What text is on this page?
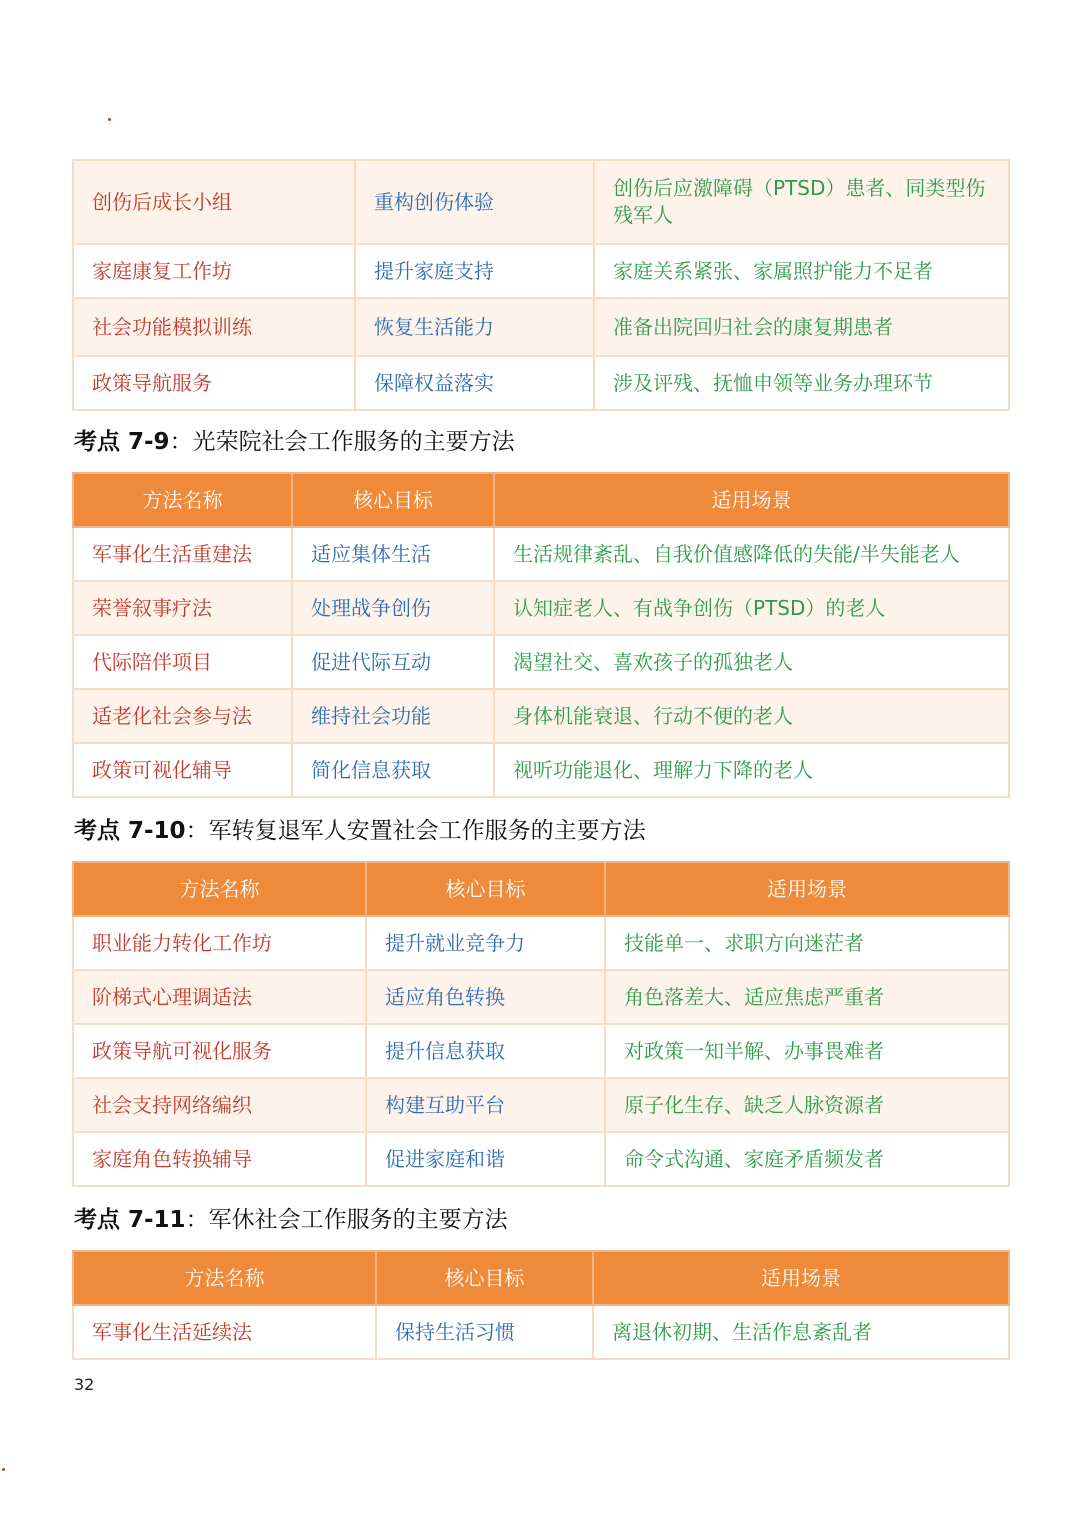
创伤后成长小组	重构创伤体验	创伤后应激障碍（PTSD）患者、同类型伤残军人
家庭康复工作坊	提升家庭支持	家庭关系紧张、家属照护能力不足者
社会功能模拟训练	恢复生活能力	准备出院回归社会的康复期患者
政策导航服务	保障权益落实	涉及评残、抚恤申领等业务办理环节
考点 7-9：光荣院社会工作服务的主要方法
方法名称	核心目标	适用场景
军事化生活重建法	适应集体生活	生活规律紊乱、自我价值感降低的失能/半失能老人
荣誉叙事疗法	处理战争创伤	认知症老人、有战争创伤（PTSD）的老人
代际陪伴项目	促进代际互动	渴望社交、喜欢孩子的孤独老人
适老化社会参与法	维持社会功能	身体机能衰退、行动不便的老人
政策可视化辅导	简化信息获取	视听功能退化、理解力下降的老人
考点 7-10：军转复退军人安置社会工作服务的主要方法
方法名称	核心目标	适用场景
职业能力转化工作坊	提升就业竞争力	技能单一、求职方向迷茫者
阶梯式心理调适法	适应角色转换	角色落差大、适应焦虑严重者
政策导航可视化服务	提升信息获取	对政策一知半解、办事畏难者
社会支持网络编织	构建互助平台	原子化生存、缺乏人脉资源者
家庭角色转换辅导	促进家庭和谐	命令式沟通、家庭矛盾频发者
考点 7-11：军休社会工作服务的主要方法
方法名称	核心目标	适用场景
军事化生活延续法	保持生活习惯	离退休初期、生活作息紊乱者
32
